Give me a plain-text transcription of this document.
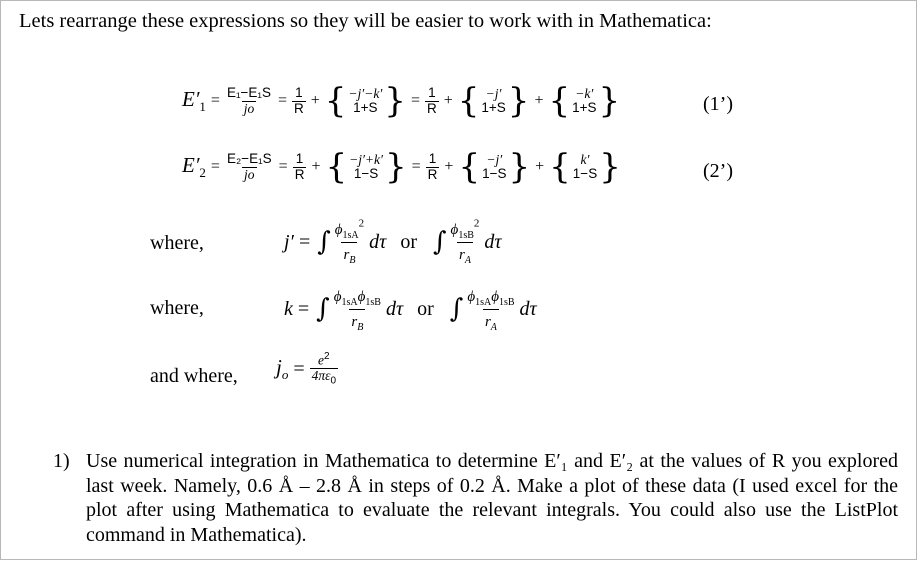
Lets rearrange these expressions so they will be easier to work with in Mathematica:
$E'_1 = \frac{\text{E₁−E₁S}}{jo} = \frac{1}{R}$ + { −j′−k′
1+S } = $\frac{1}{R}$ + { −j′
1+S } + { −k′
1+S }	(1’)
$E'_2 = \frac{\text{E₂−E₁S}}{jo} = \frac{1}{R}$ + { −j′+k′
1−S } = $\frac{1}{R}$ + { −j′
1−S } + { k′
1−S }	(2’)
where,	j′ = ∫ $\frac{\phi_{1sA}^2}{r_B}$ dτ or ∫ $\frac{\phi_{1sB}^2}{r_A}$ dτ
where,	k = ∫ $\frac{\phi_{1sA}\phi_{1sB}}{r_B}$ dτ or ∫ $\frac{\phi_{1sA}\phi_{1sB}}{r_A}$ dτ
and where, $j_o = \frac{e^2}{4\pi\varepsilon_0}$
1) Use numerical integration in Mathematica to determine E′₁ and E′₂ at the values of R you explored last week. Namely, 0.6 Å – 2.8 Å in steps of 0.2 Å. Make a plot of these data (I used excel for the plot after using Mathematica to evaluate the relevant integrals. You could also use the ListPlot command in Mathematica).
